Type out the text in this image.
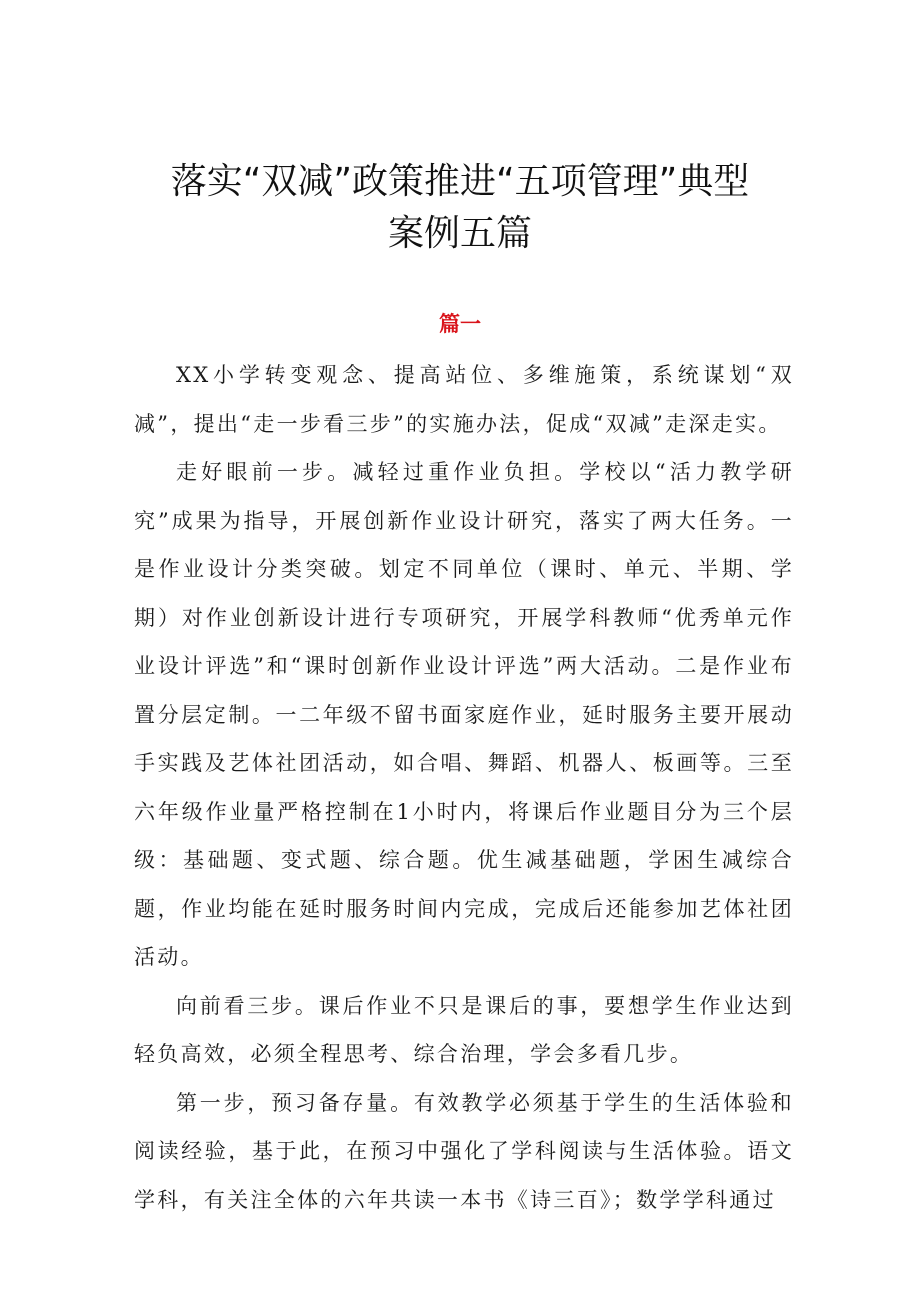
落实“双减”政策推进“五项管理”典型
案例五篇
篇一

XX小学转变观念、提高站位、多维施策，系统谋划“双减”，提出“走一步看三步”的实施办法，促成“双减”走深走实。

走好眼前一步。减轻过重作业负担。学校以“活力教学研究”成果为指导，开展创新作业设计研究，落实了两大任务。一是作业设计分类突破。划定不同单位（课时、单元、半期、学期）对作业创新设计进行专项研究，开展学科教师“优秀单元作业设计评选”和“课时创新作业设计评选”两大活动。二是作业布置分层定制。一二年级不留书面家庭作业，延时服务主要开展动手实践及艺体社团活动，如合唱、舞蹈、机器人、板画等。三至六年级作业量严格控制在1小时内，将课后作业题目分为三个层级：基础题、变式题、综合题。优生减基础题，学困生减综合题，作业均能在延时服务时间内完成，完成后还能参加艺体社团活动。

向前看三步。课后作业不只是课后的事，要想学生作业达到轻负高效，必须全程思考、综合治理，学会多看几步。

第一步，预习备存量。有效教学必须基于学生的生活体验和阅读经验，基于此，在预习中强化了学科阅读与生活体验。语文学科，有关注全体的六年共读一本书《诗三百》；数学学科通过
